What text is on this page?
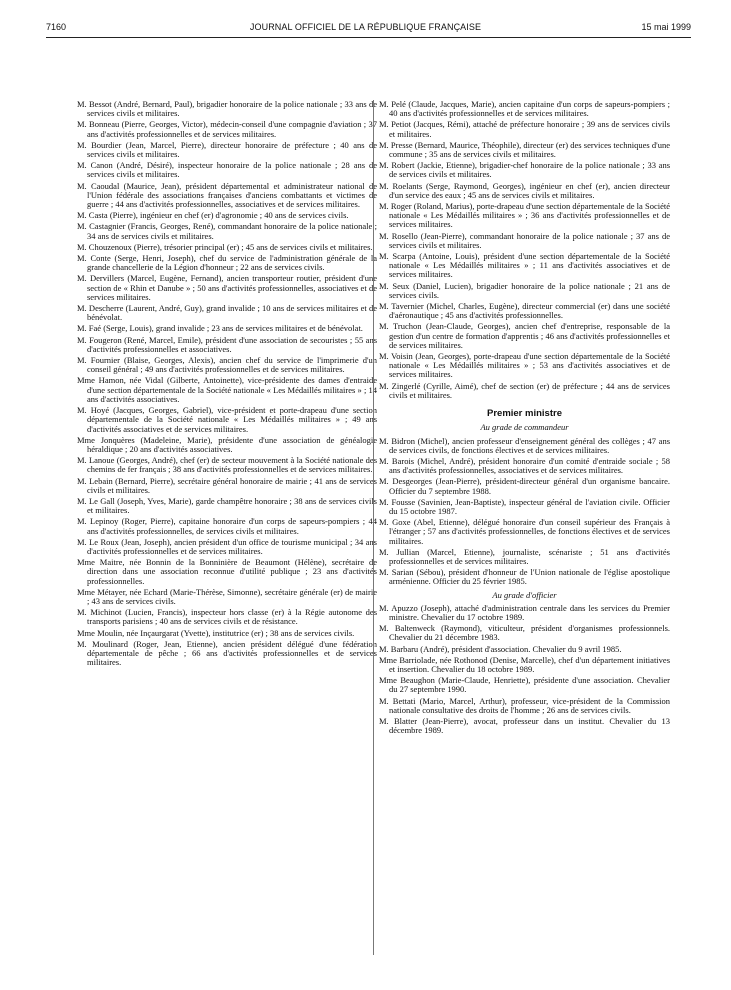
7160	JOURNAL OFFICIEL DE LA RÉPUBLIQUE FRANÇAISE	15 mai 1999
M. Bessot (André, Bernard, Paul), brigadier honoraire de la police nationale ; 33 ans de services civils et militaires.
M. Bonneau (Pierre, Georges, Victor), médecin-conseil d'une compagnie d'aviation ; 37 ans d'activités professionnelles et de services militaires.
M. Bourdier (Jean, Marcel, Pierre), directeur honoraire de préfecture ; 40 ans de services civils et militaires.
M. Canon (André, Désiré), inspecteur honoraire de la police nationale ; 28 ans de services civils et militaires.
M. Caoudal (Maurice, Jean), président départemental et administrateur national de l'Union fédérale des associations françaises d'anciens combattants et victimes de guerre ; 44 ans d'activités professionnelles, associatives et de services militaires.
M. Casta (Pierre), ingénieur en chef (er) d'agronomie ; 40 ans de services civils.
M. Castagnier (Francis, Georges, René), commandant honoraire de la police nationale ; 34 ans de services civils et militaires.
M. Chouzenoux (Pierre), trésorier principal (er) ; 45 ans de services civils et militaires.
M. Conte (Serge, Henri, Joseph), chef du service de l'administration générale de la grande chancellerie de la Légion d'honneur ; 22 ans de services civils.
M. Dervillers (Marcel, Eugène, Fernand), ancien transporteur routier, président d'une section de « Rhin et Danube » ; 50 ans d'activités professionnelles, associatives et de services militaires.
M. Descherre (Laurent, André, Guy), grand invalide ; 10 ans de services militaires et de bénévolat.
M. Faé (Serge, Louis), grand invalide ; 23 ans de services militaires et de bénévolat.
M. Fougeron (René, Marcel, Emile), président d'une association de secouristes ; 55 ans d'activités professionnelles et associatives.
M. Fournier (Blaise, Georges, Alexis), ancien chef du service de l'imprimerie d'un conseil général ; 49 ans d'activités professionnelles et de services militaires.
Mme Hamon, née Vidal (Gilberte, Antoinette), vice-présidente des dames d'entraide d'une section départementale de la Société nationale « Les Médaillés militaires » ; 14 ans d'activités associatives.
M. Hoyé (Jacques, Georges, Gabriel), vice-président et porte-drapeau d'une section départementale de la Société nationale « Les Médaillés militaires » ; 49 ans d'activités associatives et de services militaires.
Mme Jonquères (Madeleine, Marie), présidente d'une association de généalogie héraldique ; 20 ans d'activités associatives.
M. Lanoue (Georges, André), chef (er) de secteur mouvement à la Société nationale des chemins de fer français ; 38 ans d'activités professionnelles et de services militaires.
M. Lebain (Bernard, Pierre), secrétaire général honoraire de mairie ; 41 ans de services civils et militaires.
M. Le Gall (Joseph, Yves, Marie), garde champêtre honoraire ; 38 ans de services civils et militaires.
M. Lepinoy (Roger, Pierre), capitaine honoraire d'un corps de sapeurs-pompiers ; 44 ans d'activités professionnelles, de services civils et militaires.
M. Le Roux (Jean, Joseph), ancien président d'un office de tourisme municipal ; 34 ans d'activités professionnelles et de services militaires.
Mme Maitre, née Bonnin de la Bonninière de Beaumont (Hélène), secrétaire de direction dans une association reconnue d'utilité publique ; 23 ans d'activités professionnelles.
Mme Métayer, née Echard (Marie-Thérèse, Simonne), secrétaire générale (er) de mairie ; 43 ans de services civils.
M. Michinot (Lucien, Francis), inspecteur hors classe (er) à la Régie autonome des transports parisiens ; 40 ans de services civils et de résistance.
Mme Moulin, née Inçaurgarat (Yvette), institutrice (er) ; 38 ans de services civils.
M. Moulinard (Roger, Jean, Etienne), ancien président délégué d'une fédération départementale de pêche ; 66 ans d'activités professionnelles et de services militaires.
M. Pelé (Claude, Jacques, Marie), ancien capitaine d'un corps de sapeurs-pompiers ; 40 ans d'activités professionnelles et de services militaires.
M. Petiot (Jacques, Rémi), attaché de préfecture honoraire ; 39 ans de services civils et militaires.
M. Presse (Bernard, Maurice, Théophile), directeur (er) des services techniques d'une commune ; 35 ans de services civils et militaires.
M. Robert (Jackie, Etienne), brigadier-chef honoraire de la police nationale ; 33 ans de services civils et militaires.
M. Roelants (Serge, Raymond, Georges), ingénieur en chef (er), ancien directeur d'un service des eaux ; 45 ans de services civils et militaires.
M. Roger (Roland, Marius), porte-drapeau d'une section départementale de la Société nationale « Les Médaillés militaires » ; 36 ans d'activités professionnelles et de services militaires.
M. Rosello (Jean-Pierre), commandant honoraire de la police nationale ; 37 ans de services civils et militaires.
M. Scarpa (Antoine, Louis), président d'une section départementale de la Société nationale « Les Médaillés militaires » ; 11 ans d'activités associatives et de services militaires.
M. Seux (Daniel, Lucien), brigadier honoraire de la police nationale ; 21 ans de services civils.
M. Tavernier (Michel, Charles, Eugène), directeur commercial (er) dans une société d'aéronautique ; 45 ans d'activités professionnelles.
M. Truchon (Jean-Claude, Georges), ancien chef d'entreprise, responsable de la gestion d'un centre de formation d'apprentis ; 46 ans d'activités professionnelles et de services militaires.
M. Voisin (Jean, Georges), porte-drapeau d'une section départementale de la Société nationale « Les Médaillés militaires » ; 53 ans d'activités associatives et de services militaires.
M. Zingerlé (Cyrille, Aimé), chef de section (er) de préfecture ; 44 ans de services civils et militaires.
Premier ministre
Au grade de commandeur
M. Bidron (Michel), ancien professeur d'enseignement général des collèges ; 47 ans de services civils, de fonctions électives et de services militaires.
M. Barois (Michel, André), président honoraire d'un comité d'entraide sociale ; 58 ans d'activités professionnelles, associatives et de services militaires.
M. Desgeorges (Jean-Pierre), président-directeur général d'un organisme bancaire. Officier du 7 septembre 1988.
M. Fousse (Savinien, Jean-Baptiste), inspecteur général de l'aviation civile. Officier du 15 octobre 1987.
M. Goxe (Abel, Etienne), délégué honoraire d'un conseil supérieur des Français à l'étranger ; 57 ans d'activités professionnelles, de fonctions électives et de services militaires.
M. Jullian (Marcel, Etienne), journaliste, scénariste ; 51 ans d'activités professionnelles et de services militaires.
M. Sarian (Sébou), président d'honneur de l'Union nationale de l'église apostolique arménienne. Officier du 25 février 1985.
Au grade d'officier
M. Apuzzo (Joseph), attaché d'administration centrale dans les services du Premier ministre. Chevalier du 17 octobre 1989.
M. Baltenweck (Raymond), viticulteur, président d'organismes professionnels. Chevalier du 21 décembre 1983.
M. Barbaru (André), président d'association. Chevalier du 9 avril 1985.
Mme Barriolade, née Rothonod (Denise, Marcelle), chef d'un département initiatives et insertion. Chevalier du 18 octobre 1989.
Mme Beaughon (Marie-Claude, Henriette), présidente d'une association. Chevalier du 27 septembre 1990.
M. Bettati (Mario, Marcel, Arthur), professeur, vice-président de la Commission nationale consultative des droits de l'homme ; 26 ans de services civils.
M. Blatter (Jean-Pierre), avocat, professeur dans un institut. Chevalier du 13 décembre 1989.
